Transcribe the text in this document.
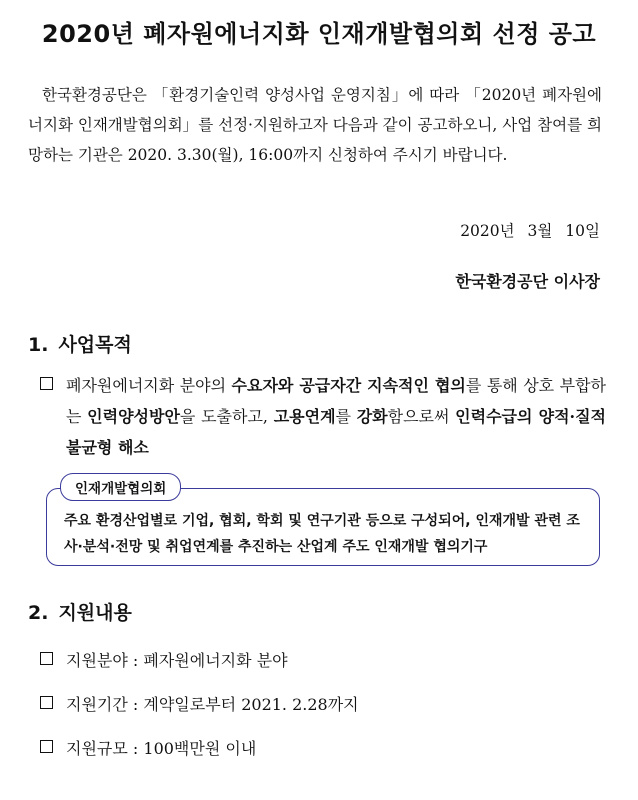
2020년 폐자원에너지화 인재개발협의회 선정 공고

한국환경공단은 「환경기술인력 양성사업 운영지침」에 따라 「2020년 폐자원에너지화 인재개발협의회」를 선정·지원하고자 다음과 같이 공고하오니, 사업 참여를 희망하는 기관은 2020. 3.30(월), 16:00까지 신청하여 주시기 바랍니다.

2020년 3월 10일
한국환경공단 이사장
1. 사업목적
폐자원에너지화 분야의 수요자와 공급자간 지속적인 협의를 통해 상호 부합하는 인력양성방안을 도출하고, 고용연계를 강화함으로써 인력수급의 양적·질적 불균형 해소
인재개발협의회
주요 환경산업별로 기업, 협회, 학회 및 연구기관 등으로 구성되어, 인재개발 관련 조사·분석·전망 및 취업연계를 추진하는 산업계 주도 인재개발 협의기구
2. 지원내용
지원분야 : 폐자원에너지화 분야
지원기간 : 계약일로부터 2021. 2.28까지
지원규모 : 100백만원 이내
